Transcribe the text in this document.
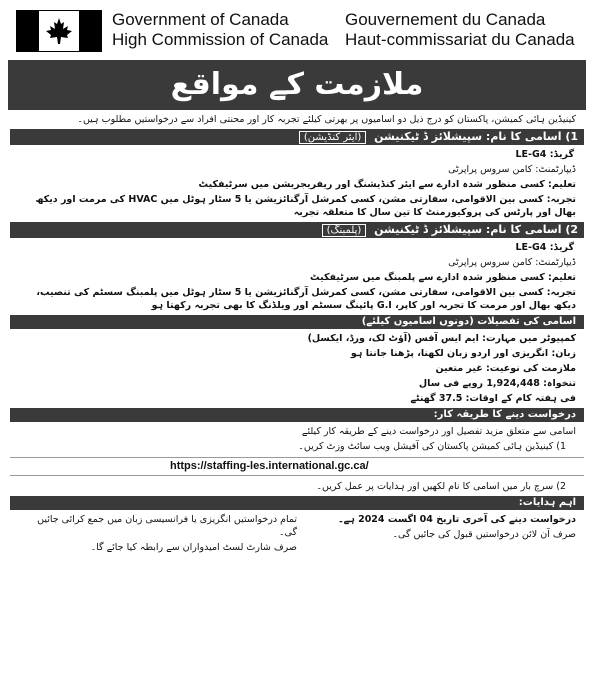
Government of Canada
High Commission of Canada
Gouvernement du Canada
Haut-commissariat du Canada
ملازمت کے مواقع
کینیڈین ہائی کمیشن، پاکستان کو درج ذیل دو اسامیوں پر بھرتی کیلئے تجربہ کار اور محنتی افراد سے درخواستیں مطلوب ہیں۔
1) اسامی کا نام: سپیشلائز ڈ ٹیکنیشن (ایئر کنڈیشن)
گریڈ: LE-G4
ڈیپارٹمنٹ: کامن سروس پراپرٹی
تعلیم: کسی منظور شدہ ادارے سے ایئر کنڈیشنگ اور ریفریجریشن میں سرٹیفکیٹ
تجربہ: کسی بین الاقوامی، سفارتی مشن، کسی کمرشل آرگنائزیشن یا 5 سٹار ہوٹل میں HVAC کی مرمت اور دیکھ بھال اور پارٹس کی پروکیورمنٹ کا تین سال کا متعلقہ تجربہ
2) اسامی کا نام: سپیشلائز ڈ ٹیکنیشن (پلمبنگ)
گریڈ: LE-G4
ڈیپارٹمنٹ: کامن سروس پراپرٹی
تعلیم: کسی منظور شدہ ادارے سے پلمبنگ میں سرٹیفکیٹ
تجربہ: کسی بین الاقوامی، سفارتی مشن، کسی کمرشل آرگنائزیشن یا 5 سٹار ہوٹل میں پلمبنگ سسٹم کی تنصیب، دیکھ بھال اور مرمت کا تجربہ اور کاپر، G.I پائپنگ سسٹم اور ویلڈنگ کا بھی تجربہ رکھتا ہو
اسامی کی تفصیلات (دونوں اسامیوں کیلئے)
کمپیوٹر میں مہارت: ایم ایس آفس (آؤٹ لک، ورڈ، ایکسل)
زبان: انگریزی اور اردو زبان لکھنا، پڑھنا جانتا ہو
ملازمت کی نوعیت: غیر متعین
تنخواہ: 1,924,448 روپے فی سال
فی ہفتہ کام کے اوقات: 37.5 گھنٹے
درخواست دینے کا طریقہ کار:
اسامی سے متعلق مزید تفصیل اور درخواست دینے کے طریقہ کار کیلئے
1) کینیڈین ہائی کمیشن پاکستان کی آفیشل ویب سائٹ وزٹ کریں۔
https://staffing-les.international.gc.ca/
2) سرچ بار میں اسامی کا نام لکھیں اور ہدایات پر عمل کریں۔
اہم ہدایات:
درخواست دینے کی آخری تاریخ 04 اگست 2024 ہے۔
صرف آن لائن درخواستیں قبول کی جائیں گی۔
تمام درخواستیں انگریزی یا فرانسیسی زبان میں جمع کرائی جائیں گی۔
صرف شارٹ لسٹ امیدواران سے رابطہ کیا جائے گا۔
